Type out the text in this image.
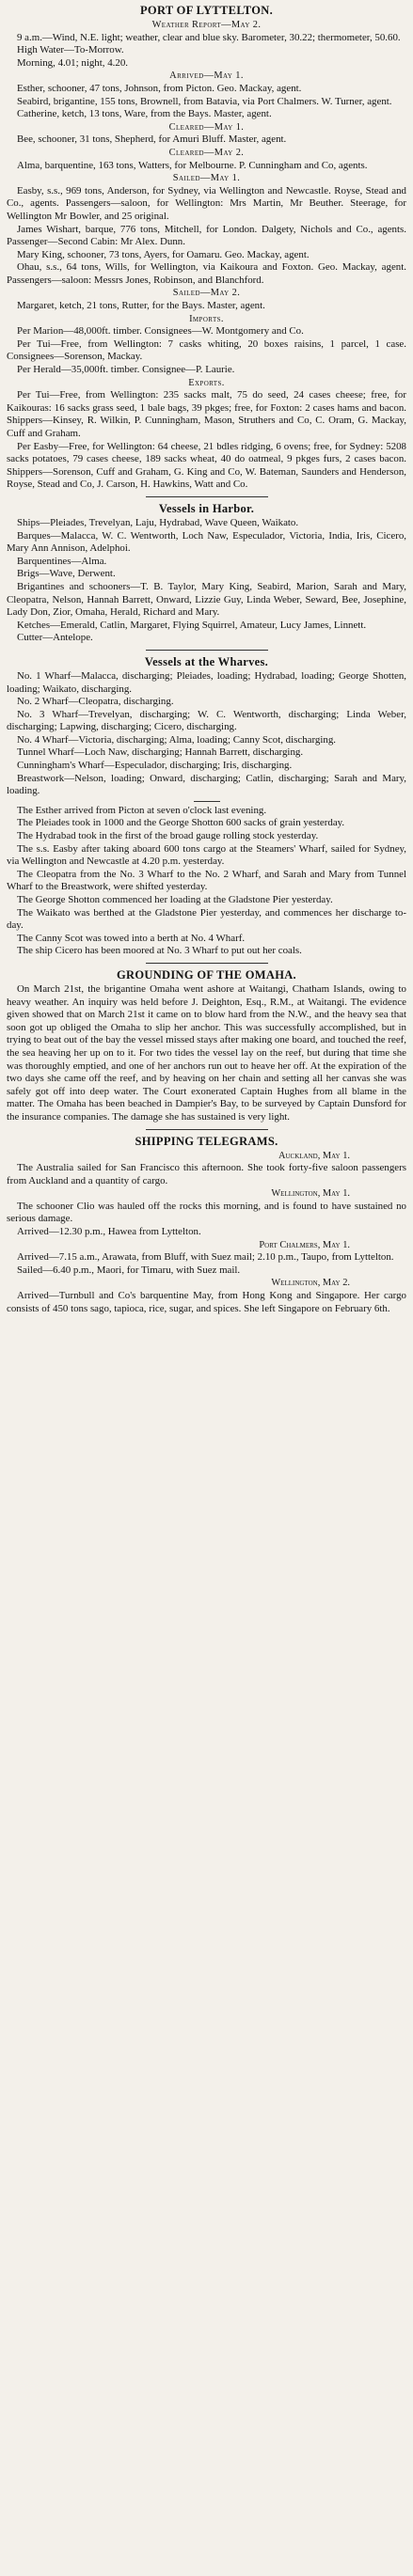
PORT OF LYTTELTON.
Weather Report—May 2.

9 a.m.—Wind, N.E. light; weather, clear and blue sky. Barometer, 30.22; thermometer, 50.60.

High Water—To-Morrow.

Morning, 4.01; night, 4.20.

Arrived—May 1.

Esther, schooner, 47 tons, Johnson, from Picton. Geo. Mackay, agent.

Seabird, brigantine, 155 tons, Brownell, from Batavia, via Port Chalmers. W. Turner, agent.

Catherine, ketch, 13 tons, Ware, from the Bays. Master, agent.

Cleared—May 1.

Bee, schooner, 31 tons, Shepherd, for Amuri Bluff. Master, agent.

Cleared—May 2.

Alma, barquentine, 163 tons, Watters, for Melbourne. P. Cunningham and Co, agents.

Sailed—May 1.

Easby, s.s., 969 tons, Anderson, for Sydney, via Wellington and Newcastle. Royse, Stead and Co., agents. Passengers—saloon, for Wellington: Mrs Martin, Mr Beuther. Steerage, for Wellington Mr Bowler, and 25 original.

James Wishart, barque, 776 tons, Mitchell, for London. Dalgety, Nichols and Co., agents. Passenger—Second Cabin: Mr Alex. Dunn.

Mary King, schooner, 73 tons, Ayers, for Oamaru. Geo. Mackay, agent.

Ohau, s.s., 64 tons, Wills, for Wellington, via Kaikoura and Foxton. Geo. Mackay, agent. Passengers—saloon: Messrs Jones, Robinson, and Blanchford.

Sailed—May 2.

Margaret, ketch, 21 tons, Rutter, for the Bays. Master, agent.

Imports.

Per Marion—48,000ft. timber. Consignees—W. Montgomery and Co.

Per Tui—Free, from Wellington: 7 casks whiting, 20 boxes raisins, 1 parcel, 1 case. Consignees—Sorenson, Mackay.

Per Herald—35,000ft. timber. Consignee—P. Laurie.

Exports.

Per Tui—Free, from Wellington: 235 sacks malt, 75 do seed, 24 cases cheese; free, for Kaikouras: 16 sacks grass seed, 1 bale bags, 39 pkges; free, for Foxton: 2 cases hams and bacon. Shippers—Kinsey, R. Wilkin, P. Cunningham, Mason, Struthers and Co, C. Oram, G. Mackay, Cuff and Graham.

Per Easby—Free, for Wellington: 64 cheese, 21 bdles ridging, 6 ovens; free, for Sydney: 5208 sacks potatoes, 79 cases cheese, 189 sacks wheat, 40 do oatmeal, 9 pkges furs, 2 cases bacon. Shippers—Sorenson, Cuff and Graham, G. King and Co, W. Bateman, Saunders and Henderson, Royse, Stead and Co, J. Carson, H. Hawkins, Watt and Co.

Vessels in Harbor.

Ships—Pleiades, Trevelyan, Laju, Hydrabad, Wave Queen, Waikato.

Barques—Malacca, W. C. Wentworth, Loch Naw, Especulador, Victoria, India, Iris, Cicero, Mary Ann Annison, Adelphoi.

Barquentines—Alma.

Brigs—Wave, Derwent.

Brigantines and schooners—T. B. Taylor, Mary King, Seabird, Marion, Sarah and Mary, Cleopatra, Nelson, Hannah Barrett, Onward, Lizzie Guy, Linda Weber, Seward, Bee, Josephine, Lady Don, Zior, Omaha, Herald, Richard and Mary.

Ketches—Emerald, Catlin, Margaret, Flying Squirrel, Amateur, Lucy James, Linnett.

Cutter—Antelope.

Vessels at the Wharves.

No. 1 Wharf—Malacca, discharging; Pleiades, loading; Hydrabad, loading; George Shotten, loading; Waikato, discharging.

No. 2 Wharf—Cleopatra, discharging.

No. 3 Wharf—Trevelyan, discharging; W. C. Wentworth, discharging; Linda Weber, discharging; Lapwing, discharging; Cicero, discharging.

No. 4 Wharf—Victoria, discharging; Alma, loading; Canny Scot, discharging.

Tunnel Wharf—Loch Naw, discharging; Hannah Barrett, discharging.

Cunningham's Wharf—Especulador, discharging; Iris, discharging.

Breastwork—Nelson, loading; Onward, discharging; Catlin, discharging; Sarah and Mary, loading.

The Esther arrived from Picton at seven o'clock last evening.

The Pleiades took in 1000 and the George Shotton 600 sacks of grain yesterday.

The Hydrabad took in the first of the broad gauge rolling stock yesterday.

The s.s. Easby after taking aboard 600 tons cargo at the Steamers' Wharf, sailed for Sydney, via Wellington and Newcastle at 4.20 p.m. yesterday.

The Cleopatra from the No. 3 Wharf to the No. 2 Wharf, and Sarah and Mary from Tunnel Wharf to the Breastwork, were shifted yesterday.

The George Shotton commenced her loading at the Gladstone Pier yesterday.

The Waikato was berthed at the Gladstone Pier yesterday, and commences her discharge to-day.

The Canny Scot was towed into a berth at No. 4 Wharf.

The ship Cicero has been moored at No. 3 Wharf to put out her coals.

GROUNDING OF THE OMAHA.

On March 21st, the brigantine Omaha went ashore at Waitangi, Chatham Islands, owing to heavy weather. An inquiry was held before J. Deighton, Esq., R.M., at Waitangi. The evidence given showed that on March 21st it came on to blow hard from the N.W., and the heavy sea that soon got up obliged the Omaha to slip her anchor. This was successfully accomplished, but in trying to beat out of the bay the vessel missed stays after making one board, and touched the reef, the sea heaving her up on to it. For two tides the vessel lay on the reef, but during that time she was thoroughly emptied, and one of her anchors run out to heave her off. At the expiration of the two days she came off the reef, and by heaving on her chain and setting all her canvas she was safely got off into deep water. The Court exonerated Captain Hughes from all blame in the matter. The Omaha has been beached in Dampier's Bay, to be surveyed by Captain Dunsford for the insurance companies. The damage she has sustained is very light.

SHIPPING TELEGRAMS.
Auckland, May 1.

The Australia sailed for San Francisco this afternoon. She took forty-five saloon passengers from Auckland and a quantity of cargo.

Wellington, May 1.

The schooner Clio was hauled off the rocks this morning, and is found to have sustained no serious damage.

Arrived—12.30 p.m., Hawea from Lyttelton.

Port Chalmers, May 1.

Arrived—7.15 a.m., Arawata, from Bluff, with Suez mail; 2.10 p.m., Taupo, from Lyttelton.

Sailed—6.40 p.m., Maori, for Timaru, with Suez mail.

Wellington, May 2.

Arrived—Turnbull and Co's barquentine May, from Hong Kong and Singapore. Her cargo consists of 450 tons sago, tapioca, rice, sugar, and spices. She left Singapore on February 6th.
